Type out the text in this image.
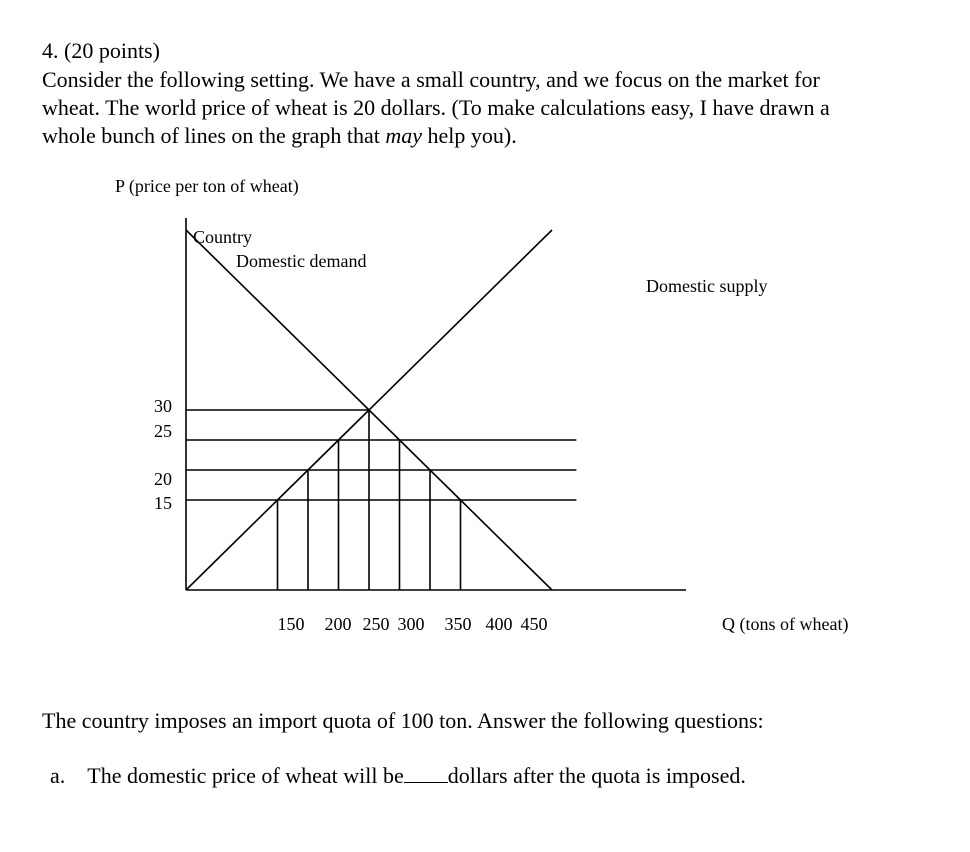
4. (20 points)

Consider the following setting. We have a small country, and we focus on the market for

wheat. The world price of wheat is 20 dollars. (To make calculations easy, I have drawn a

whole bunch of lines on the graph that may help you).

P (price per ton of wheat)
30
25
20
15
150 200 250 300 350 400 450
Country
Domestic demand
Domestic supply
Q (tons of wheat)
The country imposes an import quota of 100 ton. Answer the following questions:
a. The domestic price of wheat will be dollars after the quota is imposed.
